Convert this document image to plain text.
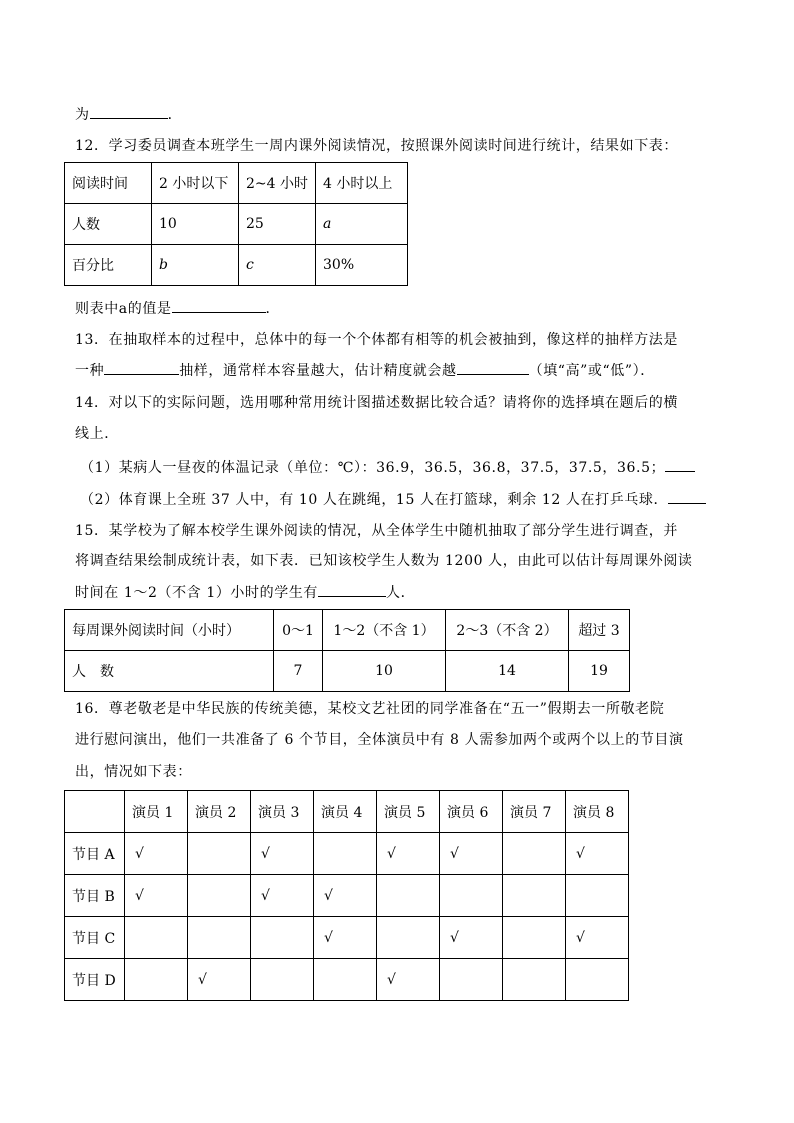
为	．
12．学习委员调查本班学生一周内课外阅读情况，按照课外阅读时间进行统计，结果如下表：
阅读时间	2 小时以下	2~4 小时	4 小时以上
人数	10	25	a
百分比	b	c	30%
则表中a的值是	．
13．在抽取样本的过程中，总体中的每一个个体都有相等的机会被抽到，像这样的抽样方法是
一种	抽样，通常样本容量越大，估计精度就会越	（填“高”或“低”）．
14．对以下的实际问题，选用哪种常用统计图描述数据比较合适？请将你的选择填在题后的横
线上．
（1）某病人一昼夜的体温记录（单位：℃）：36.9，36.5，36.8，37.5，37.5，36.5；
（2）体育课上全班 37 人中，有 10 人在跳绳，15 人在打篮球，剩余 12 人在打乒乓球．
15．某学校为了解本校学生课外阅读的情况，从全体学生中随机抽取了部分学生进行调查，并
将调查结果绘制成统计表，如下表．已知该校学生人数为 1200 人，由此可以估计每周课外阅读
时间在 1～2（不含 1）小时的学生有	人．
每周课外阅读时间（小时）	0～1	1～2（不含 1）	2～3（不含 2）	超过 3
人　数	7	10	14	19
16．尊老敬老是中华民族的传统美德，某校文艺社团的同学准备在“五一”假期去一所敬老院
进行慰问演出，他们一共准备了 6 个节目，全体演员中有 8 人需参加两个或两个以上的节目演
出，情况如下表：
	演员 1	演员 2	演员 3	演员 4	演员 5	演员 6	演员 7	演员 8
节目 A	√		√		√	√		√
节目 B	√		√	√				
节目 C				√		√		√
节目 D		√			√			
